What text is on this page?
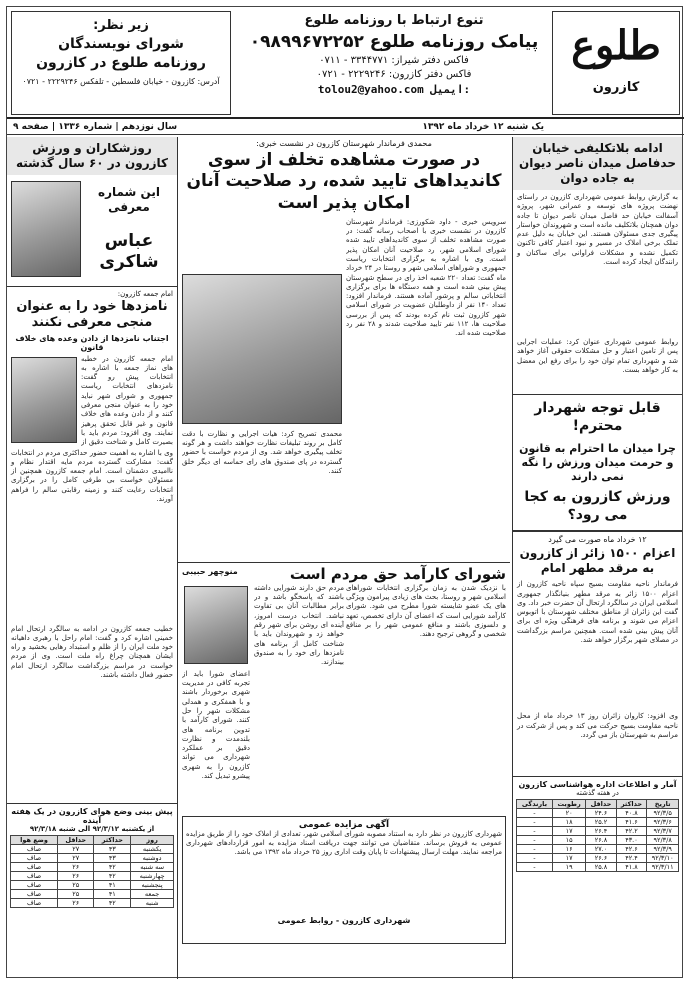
طلوع
کازرون
تنوع ارتباط با روزنامه طلوع
پیامک روزنامه طلوع ۰۹۸۹۹۶۷۲۲۵۲
فاکس دفتر شیراز: ۳۳۴۴۷۷۱ - ۰۷۱۱
فاکس دفتر کازرون: ۲۲۲۹۲۴۶ - ۰۷۲۱
tolou2@yahoo.com ایمیل:
زیر نظر:
شورای نویسندگان
روزنامه طلوع در کازرون
آدرس: کازرون - خیابان فلسطین - تلفکس ۲۲۲۹۲۴۶ - ۰۷۲۱
یک شنبه ۱۲ خرداد ماه ۱۳۹۲
سال نوزدهم | شماره ۱۳۳۶ | صفحه ۹
ادامه بلاتکلیفی خیابان حدفاصل میدان ناصر دیوان به جاده دوان
به گزارش روابط عمومی شهرداری کازرون در راستای نهضت پروژه های توسعه و عمرانی شهر، پروژه آسفالت خیابان حد فاصل میدان ناصر دیوان تا جاده دوان همچنان بلاتکلیف مانده است و شهروندان خواستار پیگیری جدی مسئولان هستند. این خیابان به دلیل عدم تملک برخی املاک در مسیر و نبود اعتبار کافی تاکنون تکمیل نشده و مشکلات فراوانی برای ساکنان و رانندگان ایجاد کرده است.
روابط عمومی شهرداری عنوان کرد: عملیات اجرایی پس از تامین اعتبار و حل مشکلات حقوقی آغاز خواهد شد و شهرداری تمام توان خود را برای رفع این معضل به کار خواهد بست.
قابل توجه شهردار محترم!
چرا میدان ما احترام به قانون و حرمت میدان ورزش را نگه نمی دارند
ورزش کازرون به کجا می رود؟
۱۲ خرداد ماه صورت می گیرد
اعزام ۱۵۰۰ زائر از کازرون به مرقد مطهر امام
فرماندار ناحیه مقاومت بسیج سپاه ناحیه کازرون از اعزام ۱۵۰۰ زائر به مرقد مطهر بنیانگذار جمهوری اسلامی ایران در سالگرد ارتحال آن حضرت خبر داد. وی گفت این زائران از مناطق مختلف شهرستان با اتوبوس اعزام می شوند و برنامه های فرهنگی ویژه ای برای آنان پیش بینی شده است. همچنین مراسم بزرگداشت در مصلای شهر برگزار خواهد شد.
وی افزود: کاروان زائران روز ۱۳ خرداد ماه از محل ناحیه مقاومت بسیج حرکت می کند و پس از شرکت در مراسم به شهرستان باز می گردد.
آمار و اطلاعات اداره هواشناسی کازرون
در هفته گذشته
تاریخ	حداکثر	حداقل	رطوبت	بارندگی
۹۲/۳/۵	۴۰.۸	۲۴.۶	۲۰	-
۹۲/۳/۶	۴۱.۶	۲۵.۲	۱۸	-
۹۲/۳/۷	۴۲.۲	۲۶.۴	۱۷	-
۹۲/۳/۸	۴۳.۰	۲۶.۸	۱۵	-
۹۲/۳/۹	۴۲.۶	۲۷.۰	۱۶	-
۹۲/۳/۱۰	۴۲.۴	۲۶.۶	۱۷	-
۹۲/۳/۱۱	۴۱.۸	۲۵.۸	۱۹	-
محمدی فرماندار شهرستان کازرون در نشست خبری:
در صورت مشاهده تخلف از سوی
کاندیداهای تایید شده، رد صلاحیت آنان
امکان پذیر است
سرویس خبری - داود شکورزی: فرماندار شهرستان کازرون در نشست خبری با اصحاب رسانه گفت: در صورت مشاهده تخلف از سوی کاندیداهای تایید شده شورای اسلامی شهر، رد صلاحیت آنان امکان پذیر است. وی با اشاره به برگزاری انتخابات ریاست جمهوری و شوراهای اسلامی شهر و روستا در ۲۴ خرداد ماه گفت: تعداد ۲۲۰ شعبه اخذ رای در سطح شهرستان پیش بینی شده است و همه دستگاه ها برای برگزاری انتخاباتی سالم و پرشور آماده هستند. فرماندار افزود: تعداد ۱۴۰ نفر از داوطلبان عضویت در شورای اسلامی شهر کازرون ثبت نام کرده بودند که پس از بررسی صلاحیت ها، ۱۱۲ نفر تایید صلاحیت شدند و ۲۸ نفر رد صلاحیت شده اند.
محمدی تصریح کرد: هیات اجرایی و نظارت با دقت کامل بر روند تبلیغات نظارت خواهند داشت و هر گونه تخلف پیگیری خواهد شد. وی از مردم خواست با حضور گسترده در پای صندوق های رای حماسه ای دیگر خلق کنند.
شورای کارآمد حق مردم است
منوچهر حبیبی
با نزدیک شدن به زمان برگزاری انتخابات شوراهای اسلامی شهر و روستا، بحث های زیادی پیرامون ویژگی های یک عضو شایسته شورا مطرح می شود. شورای کارآمد شورایی است که اعضای آن دارای تخصص، تعهد و دلسوزی باشند و منافع عمومی شهر را بر منافع شخصی و گروهی ترجیح دهند.
مردم حق دارند شورایی داشته باشند که پاسخگو باشد و در برابر مطالبات آنان بی تفاوت نباشد. انتخاب درست امروز، آینده ای روشن برای شهر رقم خواهد زد و شهروندان باید با شناخت کامل از برنامه های نامزدها رای خود را به صندوق بیندازند.
اعضای شورا باید از تجربه کافی در مدیریت شهری برخوردار باشند و با همفکری و همدلی مشکلات شهر را حل کنند. شورای کارآمد با تدوین برنامه های بلندمدت و نظارت دقیق بر عملکرد شهرداری می تواند کازرون را به شهری پیشرو تبدیل کند.
آگهی مزایده عمومی
شهرداری کازرون در نظر دارد به استناد مصوبه شورای اسلامی شهر، تعدادی از املاک خود را از طریق مزایده عمومی به فروش برساند. متقاضیان می توانند جهت دریافت اسناد مزایده به امور قراردادهای شهرداری مراجعه نمایند. مهلت ارسال پیشنهادات تا پایان وقت اداری روز ۲۵ خرداد ماه ۱۳۹۲ می باشد.
شهرداری کازرون - روابط عمومی
روزشکاران و ورزش کازرون در ۶۰ سال گذشته
این شماره معرفی
عباس شاکری
امام جمعه کازرون:
نامزدها خود را به عنوان منجی معرفی نکنند
اجتناب نامزدها از دادن وعده های خلاف قانون
امام جمعه کازرون در خطبه های نماز جمعه با اشاره به انتخابات پیش رو گفت: نامزدهای انتخابات ریاست جمهوری و شورای شهر نباید خود را به عنوان منجی معرفی کنند و از دادن وعده های خلاف قانون و غیر قابل تحقق پرهیز نمایند. وی افزود: مردم باید با بصیرت کامل و شناخت دقیق از
وی با اشاره به اهمیت حضور حداکثری مردم در انتخابات گفت: مشارکت گسترده مردم مایه اقتدار نظام و ناامیدی دشمنان است. امام جمعه کازرون همچنین از مسئولان خواست بی طرفی کامل را در برگزاری انتخابات رعایت کنند و زمینه رقابتی سالم را فراهم آورند.
خطیب جمعه کازرون در ادامه به سالگرد ارتحال امام خمینی اشاره کرد و گفت: امام راحل با رهبری داهیانه خود ملت ایران را از ظلم و استبداد رهایی بخشید و راه ایشان همچنان چراغ راه ملت است. وی از مردم خواست در مراسم بزرگداشت سالگرد ارتحال امام حضور فعال داشته باشند.
پیش بینی وضع هوای کازرون در یک هفته آینده
از یکشنبه ۹۲/۳/۱۲ الی شنبه ۹۲/۳/۱۸
روز	حداکثر	حداقل	وضع هوا
یکشنبه	۴۳	۲۷	صاف
دوشنبه	۴۳	۲۷	صاف
سه شنبه	۴۲	۲۶	صاف
چهارشنبه	۴۲	۲۶	صاف
پنجشنبه	۴۱	۲۵	صاف
جمعه	۴۱	۲۵	صاف
شنبه	۴۲	۲۶	صاف
